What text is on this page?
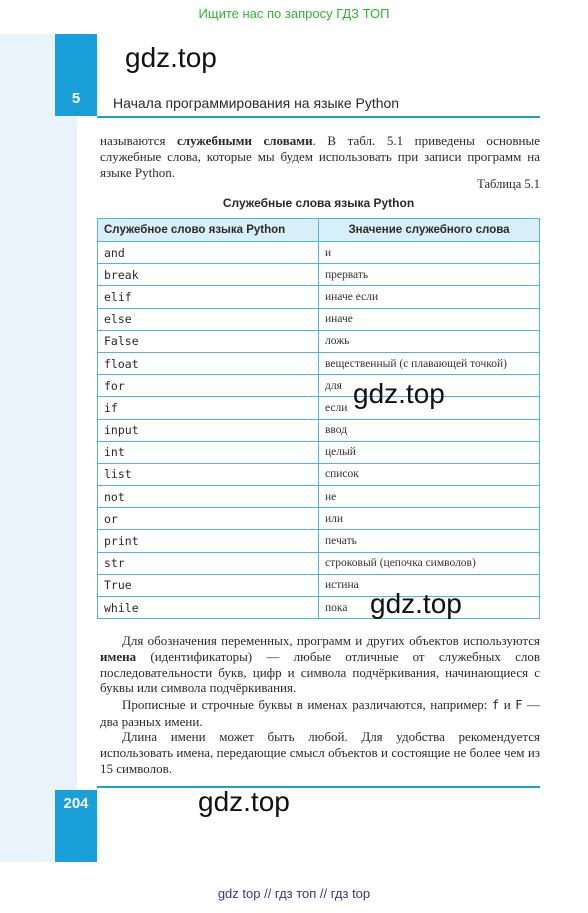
Ищите нас по запросу ГДЗ ТОП
5	Начала программирования на языке Python
gdz.top
называются служебными словами. В табл. 5.1 приведены основные служебные слова, которые мы будем использовать при записи программ на языке Python.
Таблица 5.1
Служебные слова языка Python
Служебное слово языка Python	Значение служебного слова
and	и
break	прервать
elif	иначе если
else	иначе
False	ложь
float	вещественный (с плавающей точкой)
for	для
if	если
input	ввод
int	целый
list	список
not	не
or	или
print	печать
str	строковый (цепочка символов)
True	истина
while	пока
gdz.top
gdz.top
Для обозначения переменных, программ и других объектов используются имена (идентификаторы) — любые отличные от служебных слов последовательности букв, цифр и символа подчёркивания, начинающиеся с буквы или символа подчёркивания.
Прописные и строчные буквы в именах различаются, например: f и F — два разных имени.
Длина имени может быть любой. Для удобства рекомендуется использовать имена, передающие смысл объектов и состоящие не более чем из 15 символов.
204	gdz.top
gdz top // гдз топ // гдз top
